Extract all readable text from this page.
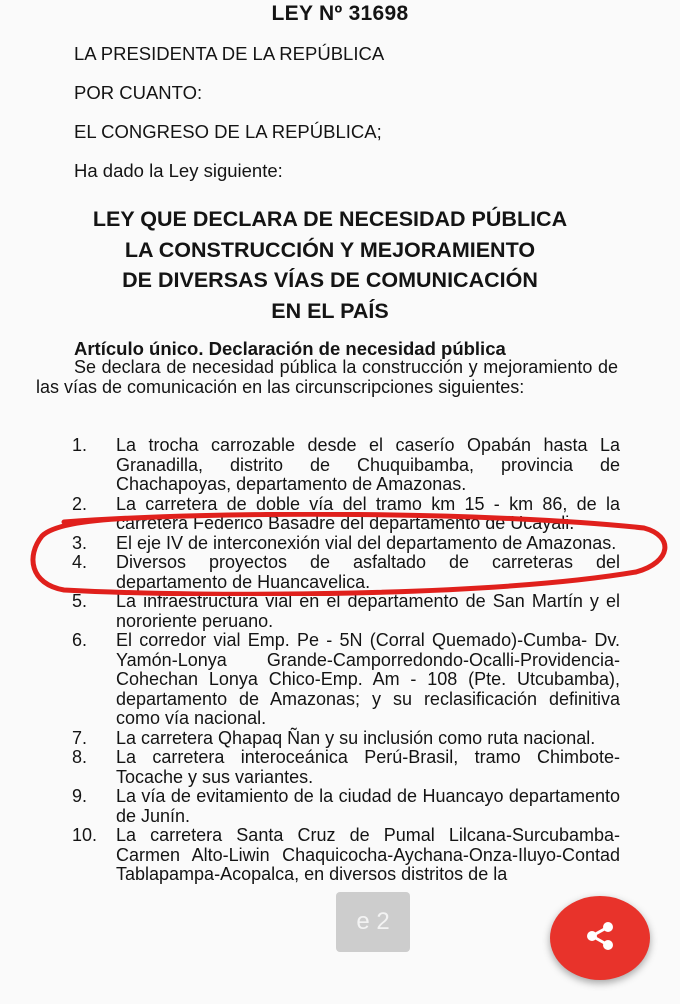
LEY Nº 31698
LA PRESIDENTA DE LA REPÚBLICA
POR CUANTO:
EL CONGRESO DE LA REPÚBLICA;
Ha dado la Ley siguiente:
LEY QUE DECLARA DE NECESIDAD PÚBLICA
LA CONSTRUCCIÓN Y MEJORAMIENTO
DE DIVERSAS VÍAS DE COMUNICACIÓN
EN EL PAÍS
Artículo único. Declaración de necesidad pública
Se declara de necesidad pública la construcción y mejoramiento de las vías de comunicación en las circunscripciones siguientes:
1.	La trocha carrozable desde el caserío Opabán hasta La Granadilla, distrito de Chuquibamba, provincia de Chachapoyas, departamento de Amazonas.
2.	La carretera de doble vía del tramo km 15 - km 86, de la carretera Federico Basadre del departamento de Ucayali.
3.	El eje IV de interconexión vial del departamento de Amazonas.
4.	Diversos proyectos de asfaltado de carreteras del departamento de Huancavelica.
5.	La infraestructura vial en el departamento de San Martín y el nororiente peruano.
6.	El corredor vial Emp. Pe - 5N (Corral Quemado)-Cumba- Dv. Yamón-Lonya Grande-Camporredondo-Ocalli-Providencia-Cohechan Lonya Chico-Emp. Am - 108 (Pte. Utcubamba), departamento de Amazonas; y su reclasificación definitiva como vía nacional.
7.	La carretera Qhapaq Ñan y su inclusión como ruta nacional.
8.	La carretera interoceánica Perú-Brasil, tramo Chimbote-Tocache y sus variantes.
9.	La vía de evitamiento de la ciudad de Huancayo departamento de Junín.
10.	La carretera Santa Cruz de Pumal Lilcana-Surcubamba-Carmen Alto-Liwin Chaquicocha-Aychana-Onza-Iluyo-Contad Tablapampa-Acopalca, en diversos distritos de la
e 2
